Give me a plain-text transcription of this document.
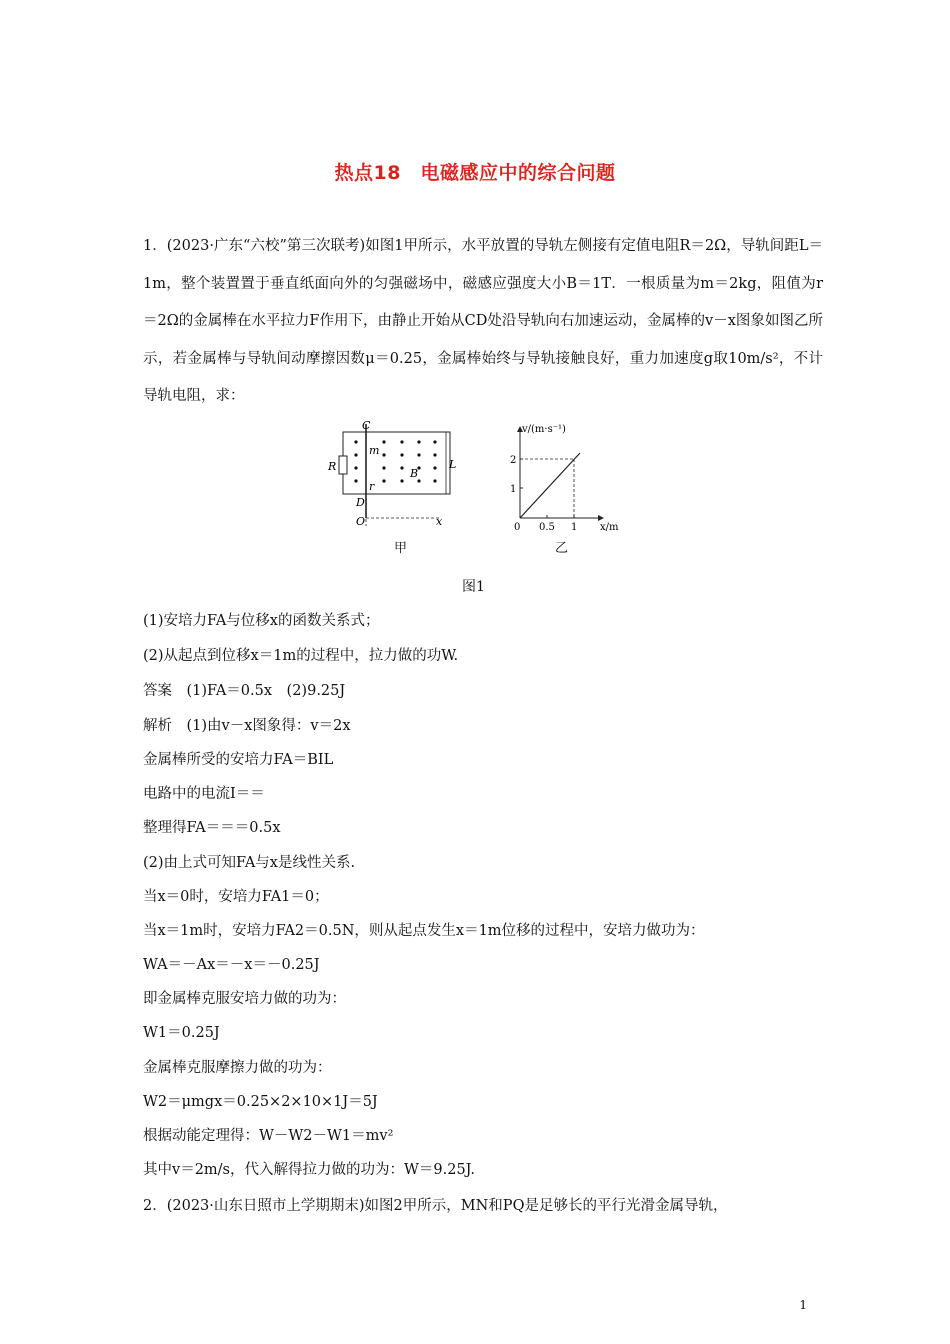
热点18　电磁感应中的综合问题
1．(2023·广东“六校”第三次联考)如图1甲所示，水平放置的导轨左侧接有定值电阻R＝2Ω，导轨间距L＝1m，整个装置置于垂直纸面向外的匀强磁场中，磁感应强度大小B＝1T．一根质量为m＝2kg，阻值为r＝2Ω的金属棒在水平拉力F作用下，由静止开始从CD处沿导轨向右加速运动，金属棒的v－x图象如图乙所示，若金属棒与导轨间动摩擦因数μ＝0.25，金属棒始终与导轨接触良好，重力加速度g取10m/s²，不计导轨电阻，求：
C
D
O	x
R
m
r
B
L
甲
v/(m·s⁻¹)
x/m
0 0.5 1
1
2
乙
图1
(1)安培力FA与位移x的函数关系式；
(2)从起点到位移x＝1m的过程中，拉力做的功W.
答案　(1)FA＝0.5x　(2)9.25J
解析　(1)由v－x图象得：v＝2x
金属棒所受的安培力FA＝BIL
电路中的电流I＝＝
整理得FA＝＝＝0.5x
(2)由上式可知FA与x是线性关系.
当x＝0时，安培力FA1＝0；
当x＝1m时，安培力FA2＝0.5N，则从起点发生x＝1m位移的过程中，安培力做功为：
WA＝－Ax＝－x＝－0.25J
即金属棒克服安培力做的功为：
W1＝0.25J
金属棒克服摩擦力做的功为：
W2＝μmgx＝0.25×2×10×1J＝5J
根据动能定理得：W－W2－W1＝mv²
其中v＝2m/s，代入解得拉力做的功为：W＝9.25J.
2．(2023·山东日照市上学期期末)如图2甲所示，MN和PQ是足够长的平行光滑金属导轨，
1
